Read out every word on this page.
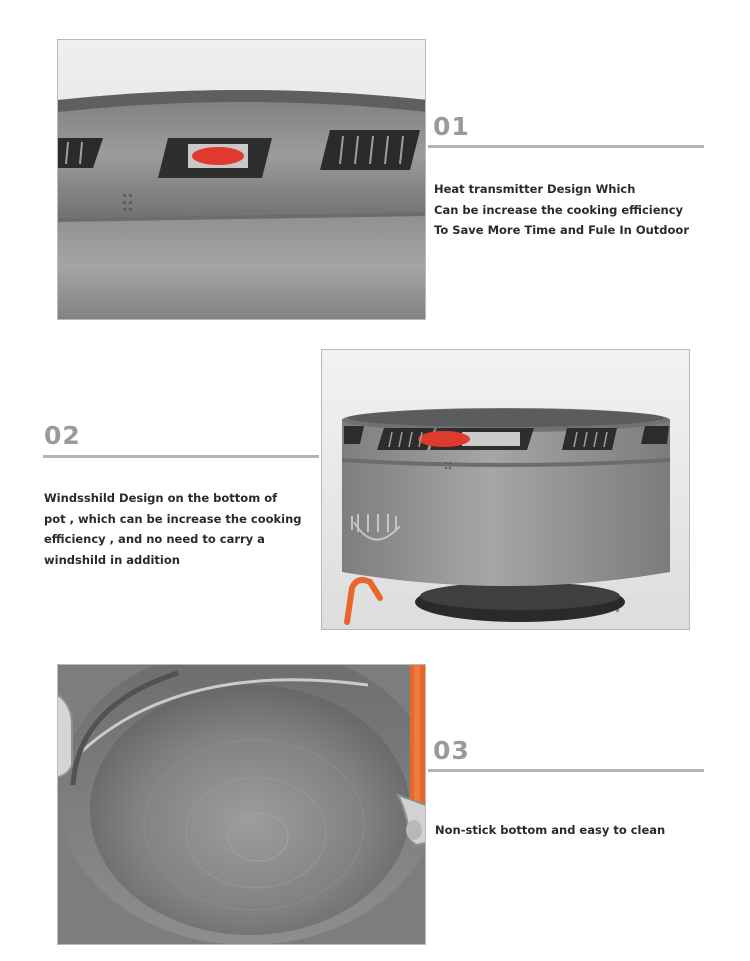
01
Heat transmitter Design Which
Can be increase the cooking efficiency
To Save More Time and Fule In Outdoor
02
Windsshild Design on the bottom of
pot , which can be increase the cooking
efficiency , and no need to carry a
windshild in addition
03
Non-stick bottom and easy to clean
